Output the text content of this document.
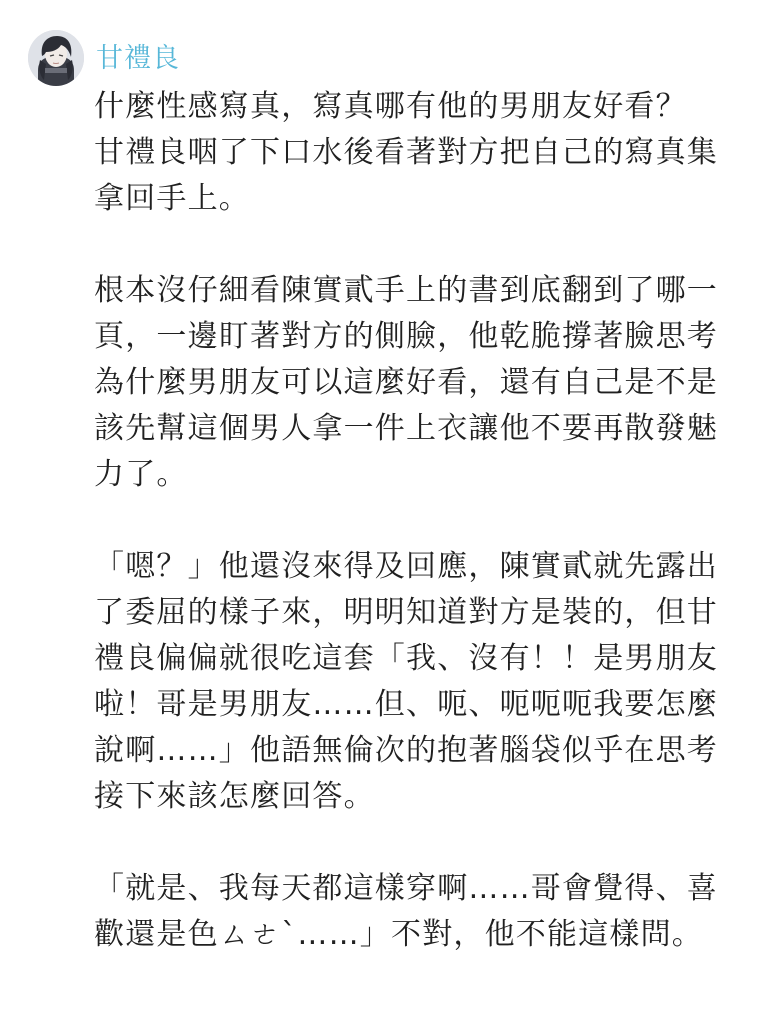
甘禮良

什麼性感寫真，寫真哪有他的男朋友好看？
甘禮良咽了下口水後看著對方把自己的寫真集
拿回手上。

根本沒仔細看陳實貳手上的書到底翻到了哪一
頁，一邊盯著對方的側臉，他乾脆撐著臉思考
為什麼男朋友可以這麼好看，還有自己是不是
該先幫這個男人拿一件上衣讓他不要再散發魅
力了。

「嗯？」他還沒來得及回應，陳實貳就先露出
了委屈的樣子來，明明知道對方是裝的，但甘
禮良偏偏就很吃這套「我、沒有！！是男朋友
啦！哥是男朋友……但、呃、呃呃呃我要怎麼
說啊……」他語無倫次的抱著腦袋似乎在思考
接下來該怎麼回答。

「就是、我每天都這樣穿啊……哥會覺得、喜
歡還是色ㄙㄜˋ……」不對，他不能這樣問。
